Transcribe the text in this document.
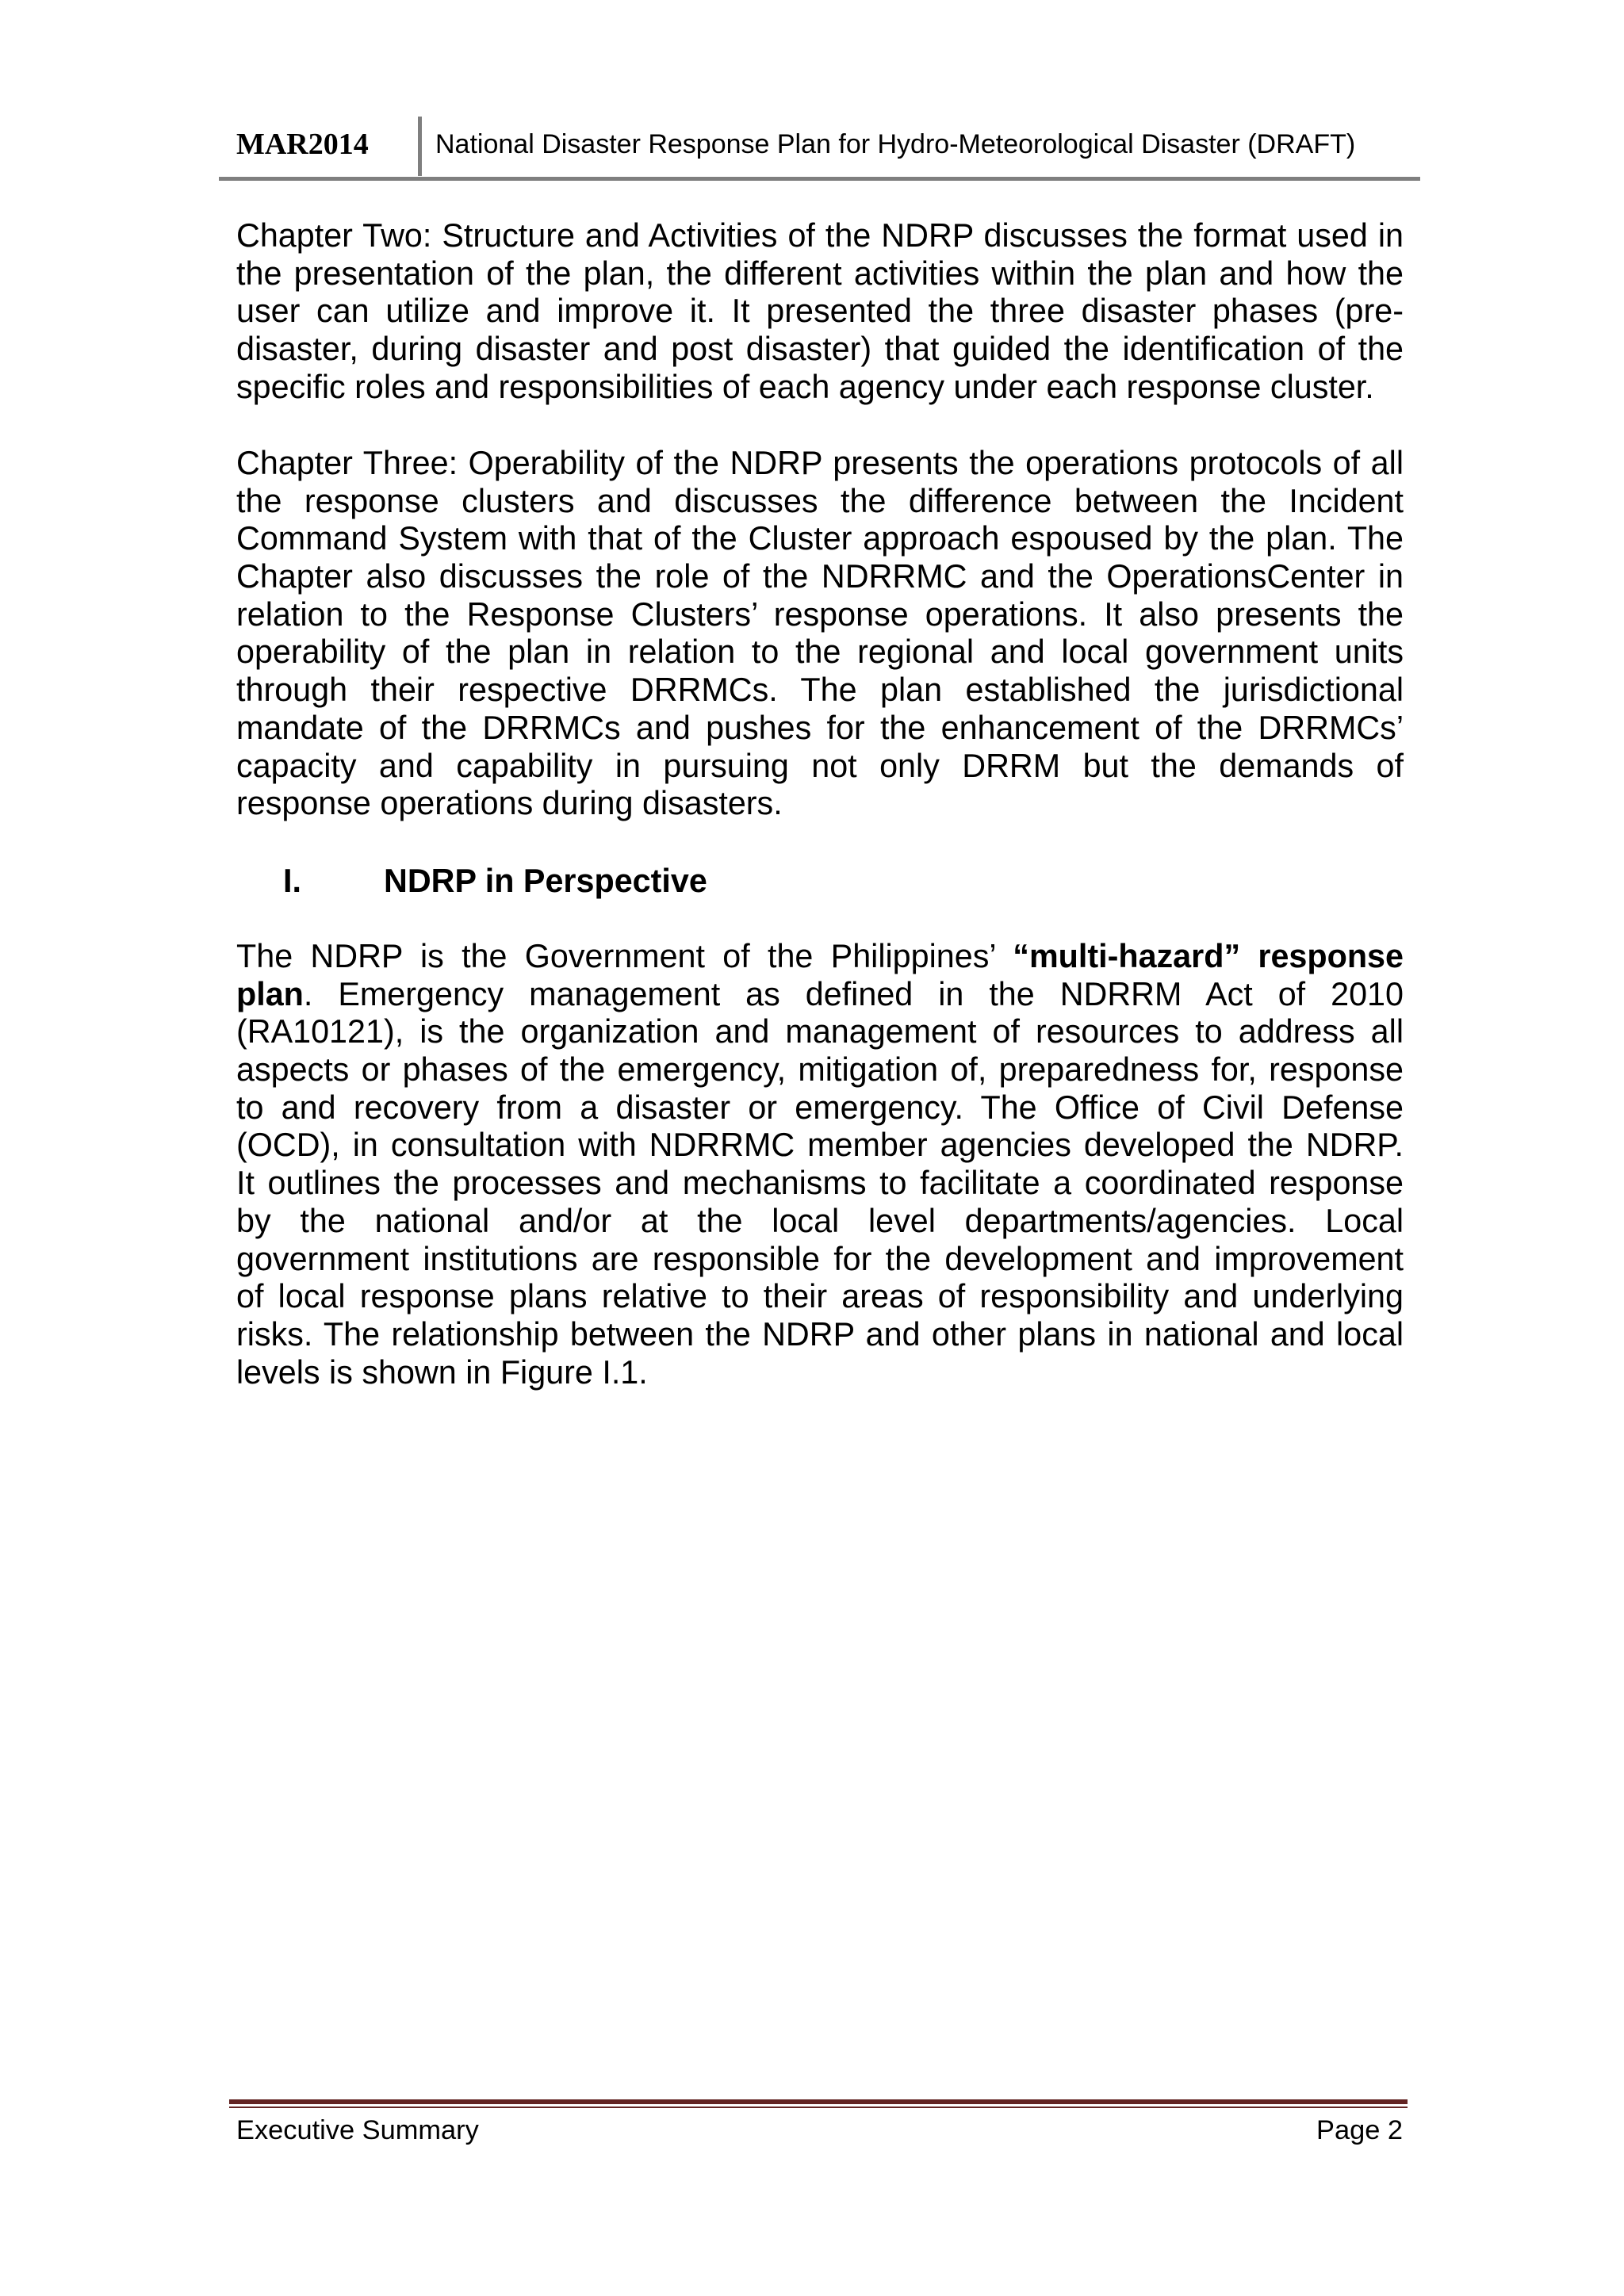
MAR2014 National Disaster Response Plan for Hydro-Meteorological Disaster (DRAFT)
Chapter Two: Structure and Activities of the NDRP discusses the format used in
the presentation of the plan, the different activities within the plan and how the
user can utilize and improve it. It presented the three disaster phases (pre-
disaster, during disaster and post disaster) that guided the identification of the
specific roles and responsibilities of each agency under each response cluster.
Chapter Three: Operability of the NDRP presents the operations protocols of all
the response clusters and discusses the difference between the Incident
Command System with that of the Cluster approach espoused by the plan. The
Chapter also discusses the role of the NDRRMC and the OperationsCenter in
relation to the Response Clusters’ response operations. It also presents the
operability of the plan in relation to the regional and local government units
through their respective DRRMCs. The plan established the jurisdictional
mandate of the DRRMCs and pushes for the enhancement of the DRRMCs’
capacity and capability in pursuing not only DRRM but the demands of
response operations during disasters.
I.	NDRP in Perspective
The NDRP is the Government of the Philippines’ “multi-hazard” response
plan. Emergency management as defined in the NDRRM Act of 2010
(RA10121), is the organization and management of resources to address all
aspects or phases of the emergency, mitigation of, preparedness for, response
to and recovery from a disaster or emergency. The Office of Civil Defense
(OCD), in consultation with NDRRMC member agencies developed the NDRP.
It outlines the processes and mechanisms to facilitate a coordinated response
by the national and/or at the local level departments/agencies. Local
government institutions are responsible for the development and improvement
of local response plans relative to their areas of responsibility and underlying
risks. The relationship between the NDRP and other plans in national and local
levels is shown in Figure I.1.
Executive Summary	Page 2
